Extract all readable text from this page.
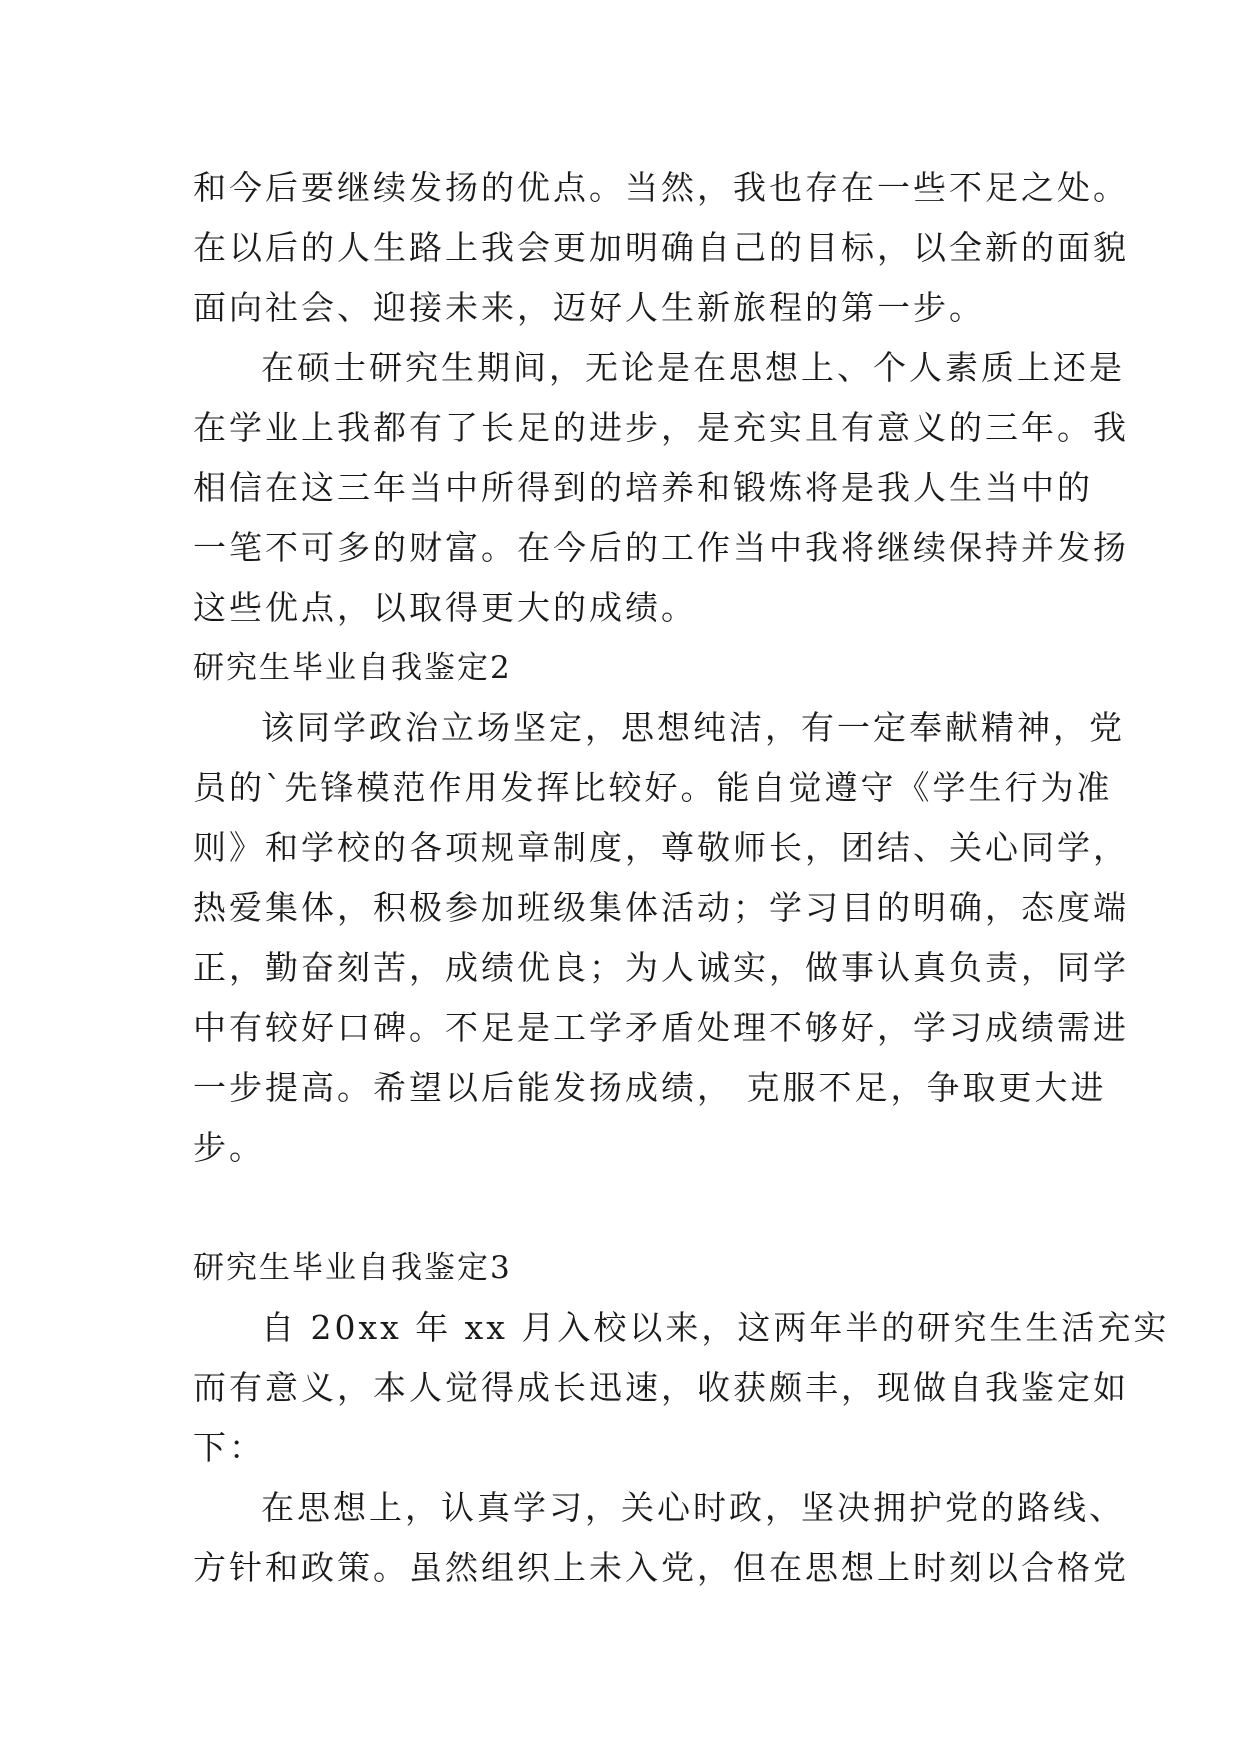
和今后要继续发扬的优点。当然，我也存在一些不足之处。
在以后的人生路上我会更加明确自己的目标，以全新的面貌
面向社会、迎接未来，迈好人生新旅程的第一步。
在硕士研究生期间，无论是在思想上、个人素质上还是
在学业上我都有了长足的进步，是充实且有意义的三年。我
相信在这三年当中所得到的培养和锻炼将是我人生当中的
一笔不可多的财富。在今后的工作当中我将继续保持并发扬
这些优点，以取得更大的成绩。
研究生毕业自我鉴定2
该同学政治立场坚定，思想纯洁，有一定奉献精神，党
员的`先锋模范作用发挥比较好。能自觉遵守《学生行为准
则》和学校的各项规章制度，尊敬师长，团结、关心同学，
热爱集体，积极参加班级集体活动；学习目的明确，态度端
正，勤奋刻苦，成绩优良；为人诚实，做事认真负责，同学
中有较好口碑。不足是工学矛盾处理不够好，学习成绩需进
一步提高。希望以后能发扬成绩， 克服不足，争取更大进
步。
研究生毕业自我鉴定3
自 20xx 年 xx 月入校以来，这两年半的研究生生活充实
而有意义，本人觉得成长迅速，收获颇丰，现做自我鉴定如
下：
在思想上，认真学习，关心时政，坚决拥护党的路线、
方针和政策。虽然组织上未入党，但在思想上时刻以合格党
